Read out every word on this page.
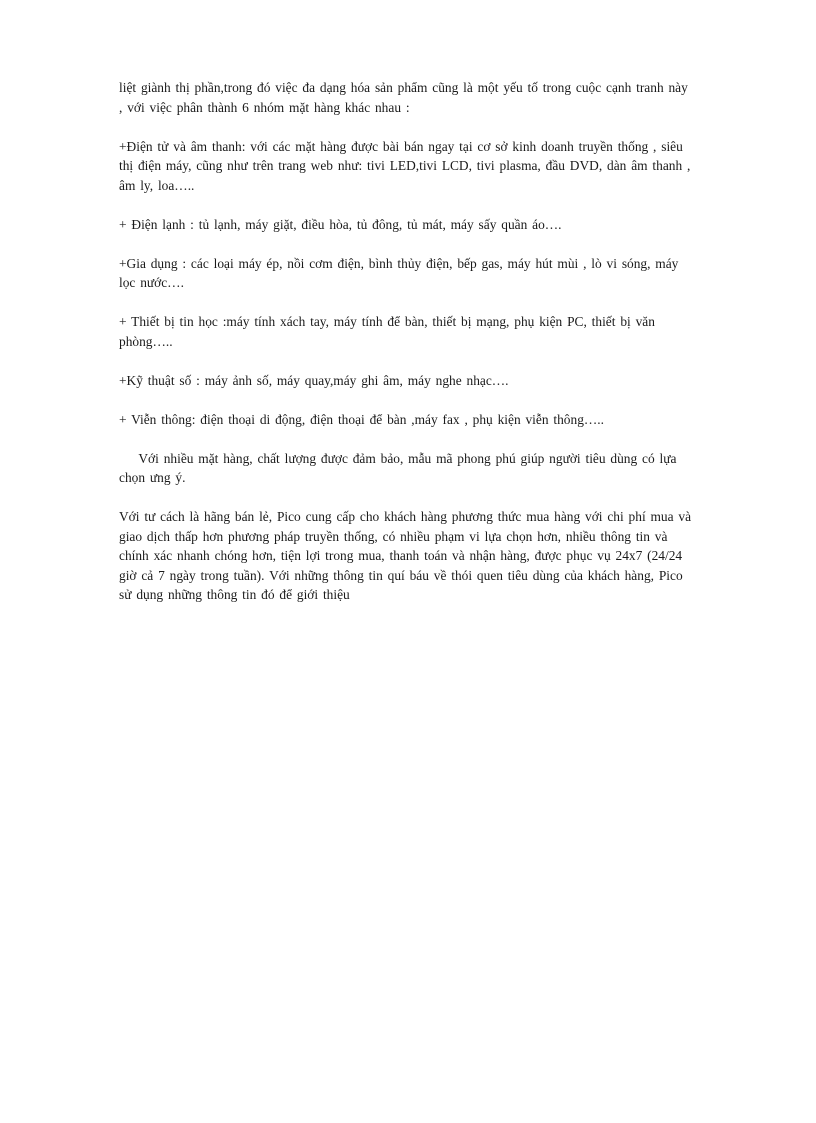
liệt giành thị phần,trong đó việc đa dạng hóa sản phẩm cũng là một yếu tố trong cuộc cạnh tranh này , với việc phân thành 6 nhóm mặt hàng khác nhau :

+Điện tử và âm thanh: với các mặt hàng được bài bán ngay tại cơ sở kinh doanh truyền thống , siêu thị điện máy, cũng như trên trang web như: tivi LED,tivi LCD, tivi plasma, đầu DVD, dàn âm thanh , âm ly, loa…..

+ Điện lạnh : tủ lạnh, máy giặt, điều hòa, tủ đông, tủ mát, máy sấy quần áo….

+Gia dụng : các loại máy ép, nồi cơm điện, bình thủy điện, bếp gas, máy hút mùi , lò vi sóng, máy lọc nước….

+ Thiết bị tin học :máy tính xách tay, máy tính để bàn, thiết bị mạng, phụ kiện PC, thiết bị văn phòng…..

+Kỹ thuật số : máy ảnh số, máy quay,máy ghi âm, máy nghe nhạc….

+ Viễn thông: điện thoại di động, điện thoại để bàn ,máy fax , phụ kiện viễn thông…..

Với nhiều mặt hàng, chất lượng được đảm bảo, mẫu mã phong phú giúp người tiêu dùng có lựa chọn ưng ý.

Với tư cách là hãng bán lẻ, Pico cung cấp cho khách hàng phương thức mua hàng với chi phí mua và giao dịch thấp hơn phương pháp truyền thống, có nhiều phạm vi lựa chọn hơn, nhiều thông tin và chính xác nhanh chóng hơn, tiện lợi trong mua, thanh toán và nhận hàng, được phục vụ 24x7 (24/24 giờ cả 7 ngày trong tuần). Với những thông tin quí báu về thói quen tiêu dùng của khách hàng, Pico sử dụng những thông tin đó để giới thiệu
